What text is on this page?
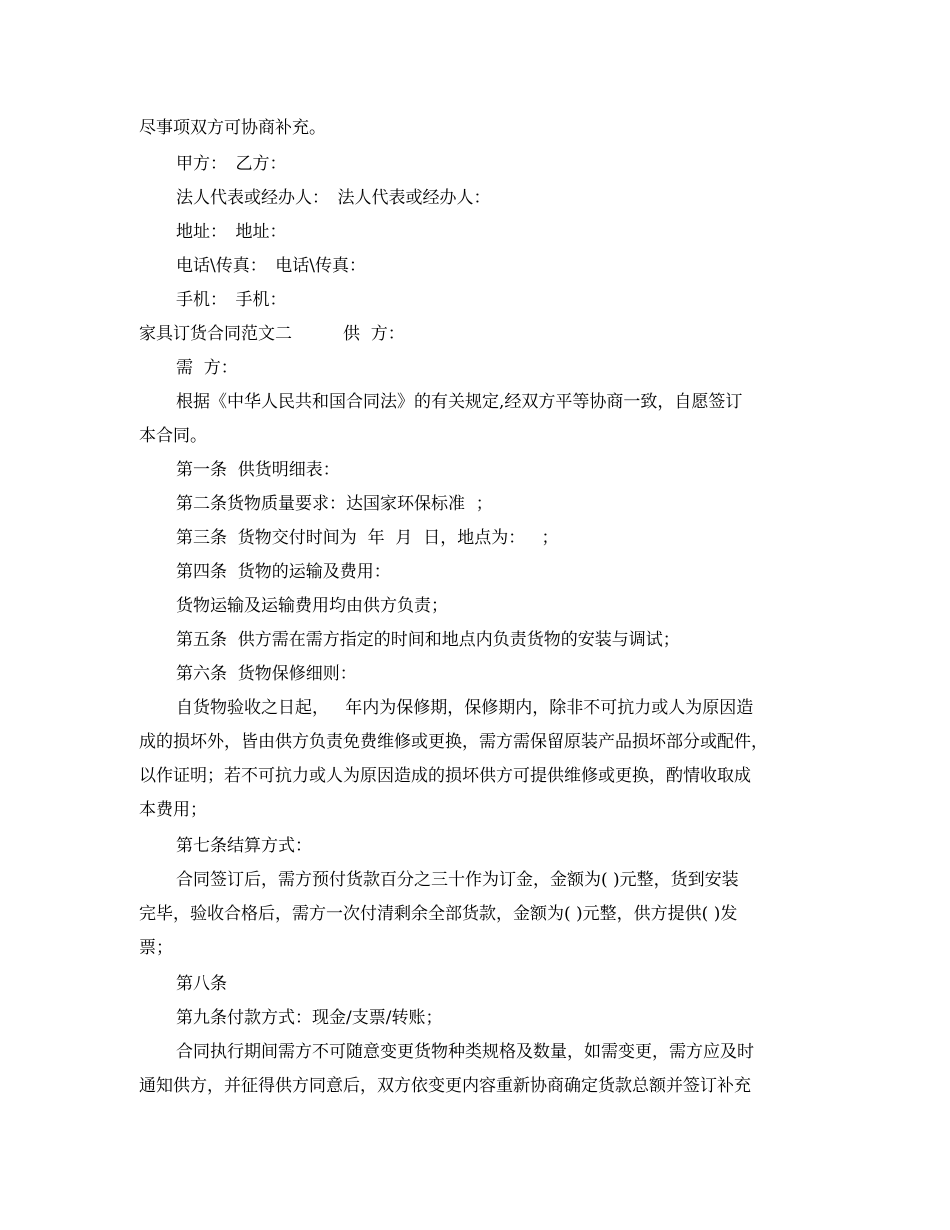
尽事项双方可协商补充。
甲方：　乙方：
法人代表或经办人：　法人代表或经办人：
地址：　地址：
电话\传真：　电话\传真：
手机：　手机：
家具订货合同范文二　　　供  方：
需  方：
根据《中华人民共和国合同法》的有关规定,经双方平等协商一致，自愿签订
本合同。
第一条  供货明细表：
第二条货物质量要求：达国家环保标准  ；
第三条  货物交付时间为  年  月  日，地点为：   ；
第四条  货物的运输及费用：
货物运输及运输费用均由供方负责；
第五条  供方需在需方指定的时间和地点内负责货物的安装与调试；
第六条  货物保修细则：
自货物验收之日起，   年内为保修期，保修期内，除非不可抗力或人为原因造
成的损坏外，皆由供方负责免费维修或更换，需方需保留原装产品损坏部分或配件，
以作证明；若不可抗力或人为原因造成的损坏供方可提供维修或更换，酌情收取成
本费用；
第七条结算方式：
合同签订后，需方预付货款百分之三十作为订金，金额为( )元整，货到安装
完毕，验收合格后，需方一次付清剩余全部货款，金额为( )元整，供方提供( )发
票；
第八条
第九条付款方式：现金/支票/转账；
合同执行期间需方不可随意变更货物种类规格及数量，如需变更，需方应及时
通知供方，并征得供方同意后，双方依变更内容重新协商确定货款总额并签订补充
